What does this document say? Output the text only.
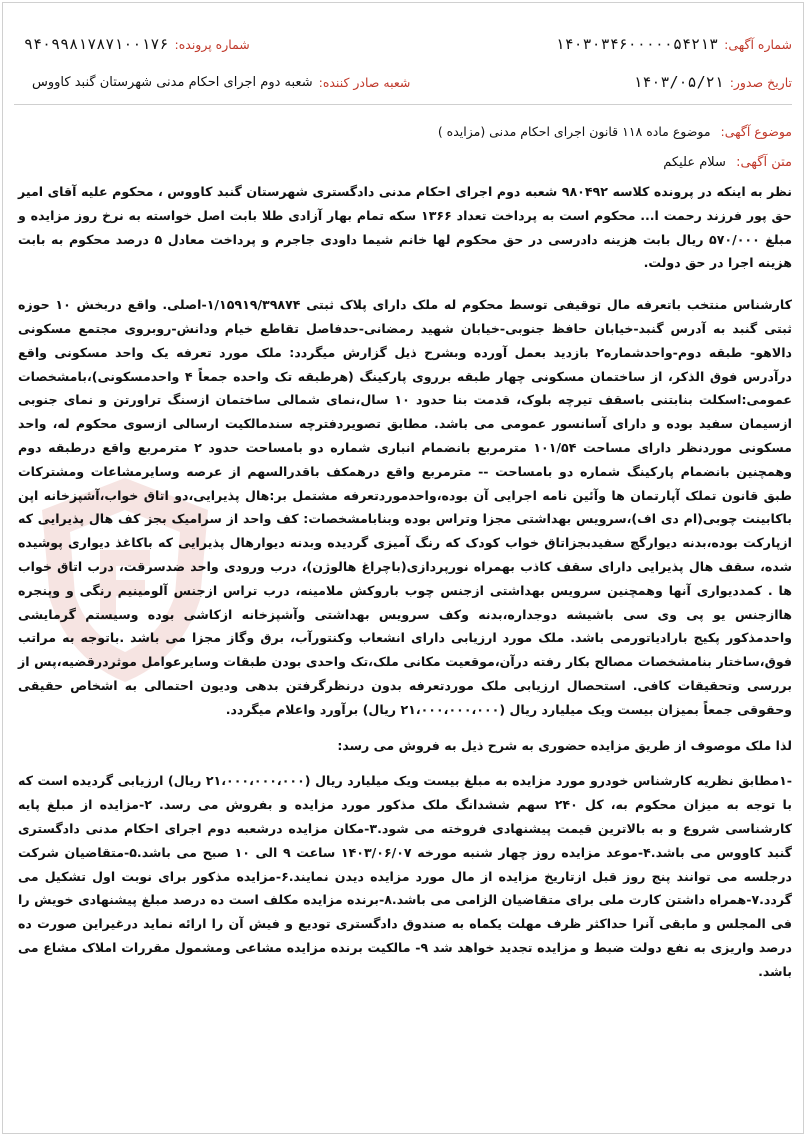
شماره آگهی:
۱۴۰۳۰۳۴۶۰۰۰۰۰۵۴۲۱۳
شماره پرونده:
۹۴۰۹۹۸۱۷۸۷۱۰۰۱۷۶
تاریخ صدور:
۱۴۰۳/۰۵/۲۱
شعبه صادر کننده:
شعبه دوم اجرای احکام مدنی شهرستان گنبد کاووس
موضوع آگهی: موضوع ماده ۱۱۸ قانون اجرای احکام مدنی (مزایده )
متن آگهی: سلام علیکم

نظر به اینکه در پرونده کلاسه ۹۸۰۴۹۲ شعبه دوم اجرای احکام مدنی دادگستری شهرستان گنبد کاووس ، محکوم علیه آقای امیر حق پور فرزند رحمت ا... محکوم است به پرداخت تعداد ۱۳۶۶ سکه تمام بهار آزادی طلا بابت اصل خواسته به نرخ روز مزایده و مبلغ ۵۷۰/۰۰۰ ریال بابت هزینه دادرسی در حق محکوم لها خانم شیما داودی جاجرم و پرداخت معادل ۵ درصد محکوم به بابت هزینه اجرا در حق دولت.

کارشناس منتخب باتعرفه مال توقیفی توسط محکوم له ملک دارای پلاک ثبتی ۱/۱۵۹۱۹/۳۹۸۷۴-اصلی. واقع دربخش ۱۰ حوزه ثبتی گنبد به آدرس گنبد-خیابان حافظ جنوبی-خیابان شهید رمضانی-حدفاصل تقاطع خیام ودانش-روبروی مجتمع مسکونی دالاهو- طبقه دوم-واحدشماره۲ بازدید بعمل آورده وبشرح ذیل گزارش میگردد: ملک مورد تعرفه یک واحد مسکونی واقع درآدرس فوق الذکر، از ساختمان مسکونی چهار طبقه برروی پارکینگ (هرطبقه تک واحده جمعاً ۴ واحدمسکونی)،بامشخصات عمومی:اسکلت بنابتنی باسقف تیرچه بلوک، قدمت بنا حدود ۱۰ سال،نمای شمالی ساختمان ازسنگ تراورتن و نمای جنوبی ازسیمان سفید بوده و دارای آسانسور عمومی می باشد. مطابق تصویردفترچه سندمالکیت ارسالی ازسوی محکوم له، واحد مسکونی موردنظر دارای مساحت ۱۰۱/۵۴ مترمربع بانضمام انباری شماره دو بامساحت حدود ۲ مترمربع واقع درطبقه دوم وهمچنین بانضمام پارکینگ شماره دو بامساحت -- مترمربع واقع درهمکف باقدرالسهم از عرصه وسایرمشاعات ومشترکات طبق قانون تملک آپارتمان ها وآئین نامه اجرایی آن بوده،واحدموردتعرفه مشتمل بر:هال پذیرایی،دو اتاق خواب،آشپزخانه اپن باکابینت چوبی(ام دی اف)،سرویس بهداشتی مجزا وتراس بوده وبنابامشخصات: کف واحد از سرامیک بجز کف هال پذیرایی که ازپارکت بوده،بدنه دیوارگچ سفیدبجزاتاق خواب کودک که رنگ آمیزی گردیده وبدنه دیوارهال پذیرایی که باکاغذ دیواری پوشیده شده، سقف هال پذیرایی دارای سقف کاذب بهمراه نورپردازی(باچراغ هالوژن)، درب ورودی واحد ضدسرقت، درب اتاق خواب ها . کمددیواری آنها وهمچنین سرویس بهداشتی ازجنس چوب باروکش ملامینه، درب تراس ازجنس آلومینیم رنگی و وپنجره هاازجنس یو پی وی سی باشیشه دوجداره،بدنه وکف سرویس بهداشتی وآشپزخانه ازکاشی بوده وسیستم گرمایشی واحدمذکور پکیج بارادیاتورمی باشد. ملک مورد ارزیابی دارای انشعاب وکنتورآب، برق وگاز مجزا می باشد .باتوجه به مراتب فوق،ساختار بنامشخصات مصالح بکار رفته درآن،موقعیت مکانی ملک،تک واحدی بودن طبقات وسایرعوامل موثردرقضیه،پس از بررسی وتحقیقات کافی. استحصال ارزیابی ملک موردتعرفه بدون درنظرگرفتن بدهی ودیون احتمالی به اشخاص حقیقی وحقوقی جمعاً بمیزان بیست ویک میلیارد ریال (۲۱،۰۰۰،۰۰۰،۰۰۰ ریال) برآورد واعلام میگردد.

لذا ملک موصوف از طریق مزایده حضوری به شرح ذیل به فروش می رسد:

-۱مطابق نظریه کارشناس خودرو مورد مزایده به مبلغ بیست ویک میلیارد ریال (۲۱،۰۰۰،۰۰۰،۰۰۰ ریال) ارزیابی گردیده است که با توجه به میزان محکوم به، کل ۲۴۰ سهم ششدانگ ملک مذکور مورد مزایده و بفروش می رسد. ۲-مزایده از مبلغ پایه کارشناسی شروع و به بالاترین قیمت پیشنهادی فروخته می شود.۳-مکان مزایده درشعبه دوم اجرای احکام مدنی دادگستری گنبد کاووس می باشد.۴-موعد مزایده روز چهار شنبه مورخه ۱۴۰۳/۰۶/۰۷ ساعت ۹ الی ۱۰ صبح می باشد.۵-متقاضیان شرکت درجلسه می توانند پنج روز قبل ازتاریخ مزایده از مال مورد مزایده دیدن نمایند.۶-مزایده مذکور برای نوبت اول تشکیل می گردد.۷-همراه داشتن کارت ملی برای متقاضیان الزامی می باشد.۸-برنده مزایده مکلف است ده درصد مبلغ پیشنهادی خویش را فی المجلس و مابقی آنرا حداکثر ظرف مهلت یکماه به صندوق دادگستری تودیع و فیش آن را ارائه نماید درغیراین صورت ده درصد واریزی به نفع دولت ضبط و مزایده تجدید خواهد شد ۹- مالکیت برنده مزایده مشاعی ومشمول مقررات املاک مشاع می باشد.
